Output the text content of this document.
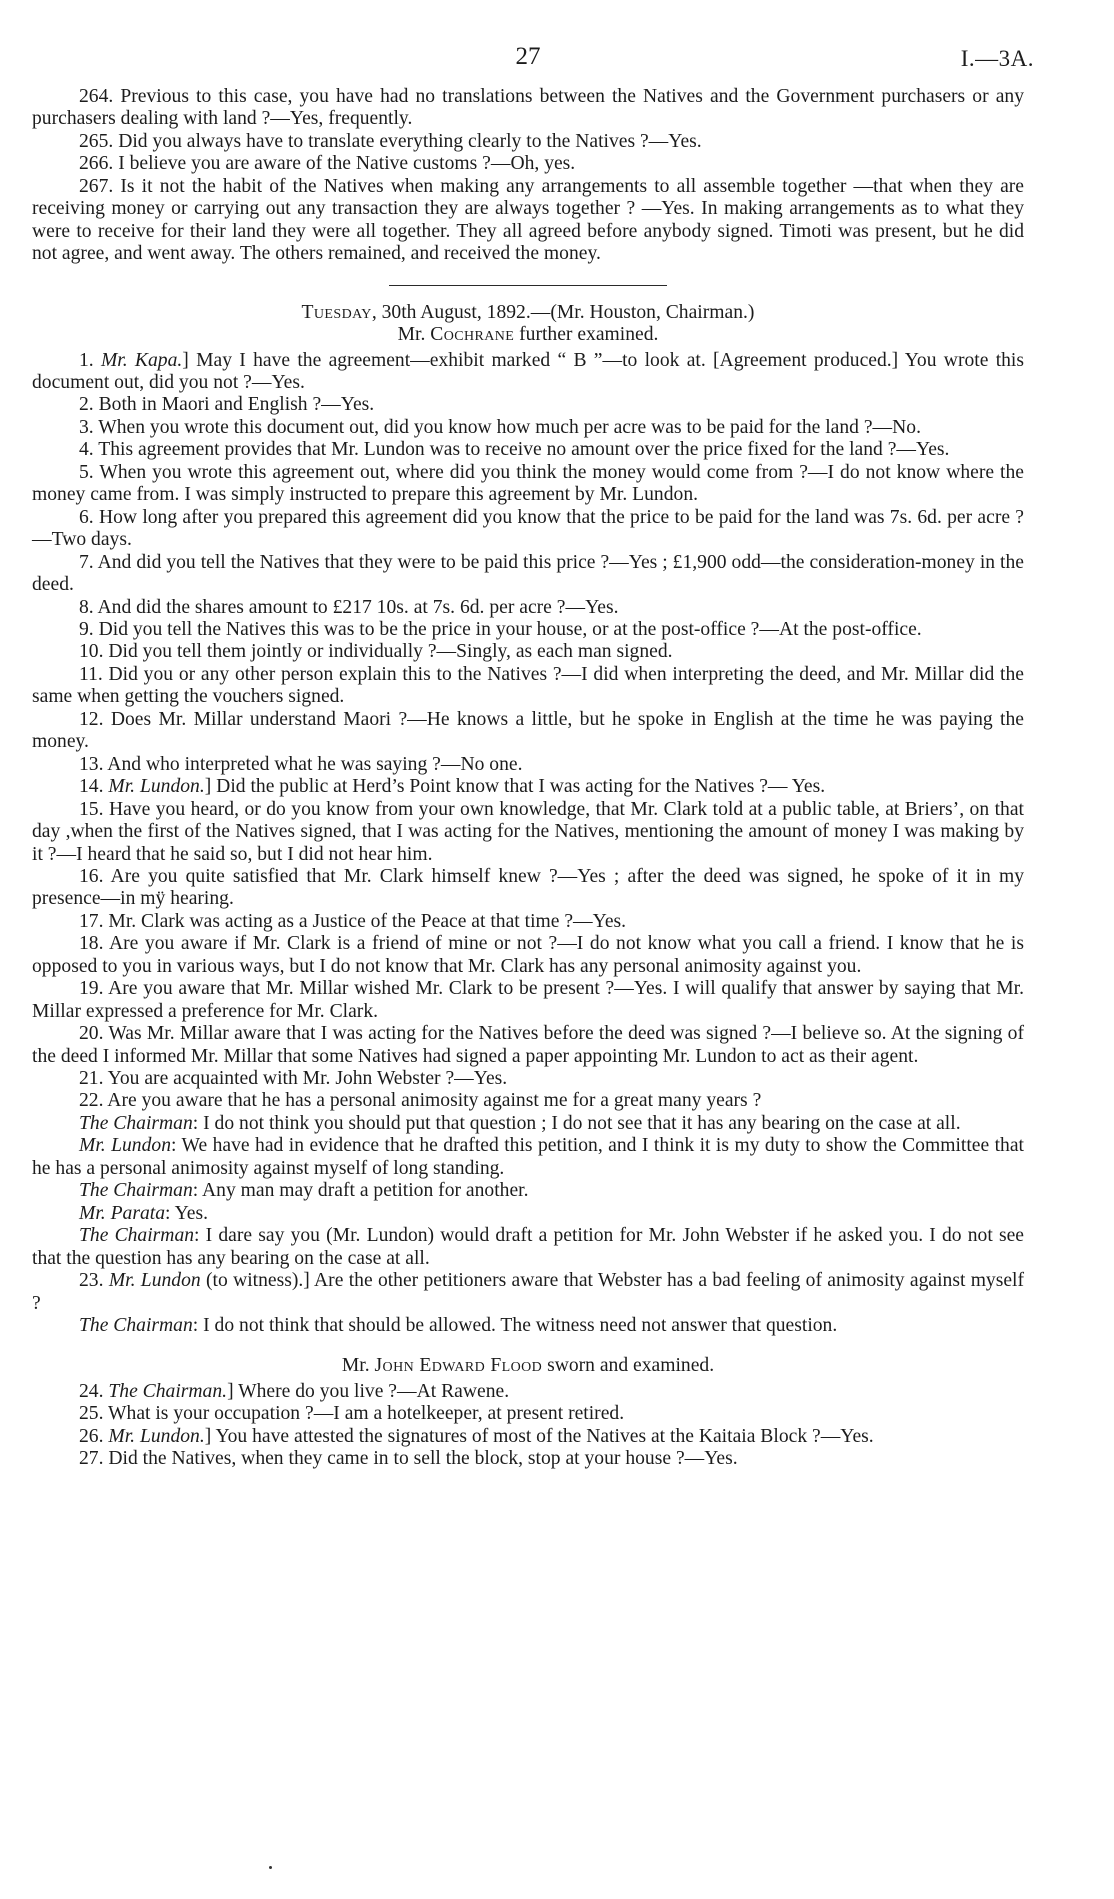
27	I.—3A.

264. Previous to this case, you have had no translations between the Natives and the Government purchasers or any purchasers dealing with land ?—Yes, frequently.

265. Did you always have to translate everything clearly to the Natives ?—Yes.

266. I believe you are aware of the Native customs ?—Oh, yes.

267. Is it not the habit of the Natives when making any arrangements to all assemble together —that when they are receiving money or carrying out any transaction they are always together ? —Yes. In making arrangements as to what they were to receive for their land they were all together. They all agreed before anybody signed. Timoti was present, but he did not agree, and went away. The others remained, and received the money.

Tuesday, 30th August, 1892.—(Mr. Houston, Chairman.)

Mr. Cochrane further examined.

1. Mr. Kapa.] May I have the agreement—exhibit marked “ B ”—to look at. [Agreement produced.] You wrote this document out, did you not ?—Yes.

2. Both in Maori and English ?—Yes.

3. When you wrote this document out, did you know how much per acre was to be paid for the land ?—No.

4. This agreement provides that Mr. Lundon was to receive no amount over the price fixed for the land ?—Yes.

5. When you wrote this agreement out, where did you think the money would come from ?—I do not know where the money came from. I was simply instructed to prepare this agreement by Mr. Lundon.

6. How long after you prepared this agreement did you know that the price to be paid for the land was 7s. 6d. per acre ?—Two days.

7. And did you tell the Natives that they were to be paid this price ?—Yes ; £1,900 odd—the consideration-money in the deed.

8. And did the shares amount to £217 10s. at 7s. 6d. per acre ?—Yes.

9. Did you tell the Natives this was to be the price in your house, or at the post-office ?—At the post-office.

10. Did you tell them jointly or individually ?—Singly, as each man signed.

11. Did you or any other person explain this to the Natives ?—I did when interpreting the deed, and Mr. Millar did the same when getting the vouchers signed.

12. Does Mr. Millar understand Maori ?—He knows a little, but he spoke in English at the time he was paying the money.

13. And who interpreted what he was saying ?—No one.

14. Mr. Lundon.] Did the public at Herd’s Point know that I was acting for the Natives ?— Yes.

15. Have you heard, or do you know from your own knowledge, that Mr. Clark told at a public table, at Briers’, on that day ,when the first of the Natives signed, that I was acting for the Natives, mentioning the amount of money I was making by it ?—I heard that he said so, but I did not hear him.

16. Are you quite satisfied that Mr. Clark himself knew ?—Yes ; after the deed was signed, he spoke of it in my presence—in mÿ hearing.

17. Mr. Clark was acting as a Justice of the Peace at that time ?—Yes.

18. Are you aware if Mr. Clark is a friend of mine or not ?—I do not know what you call a friend. I know that he is opposed to you in various ways, but I do not know that Mr. Clark has any personal animosity against you.

19. Are you aware that Mr. Millar wished Mr. Clark to be present ?—Yes. I will qualify that answer by saying that Mr. Millar expressed a preference for Mr. Clark.

20. Was Mr. Millar aware that I was acting for the Natives before the deed was signed ?—I believe so. At the signing of the deed I informed Mr. Millar that some Natives had signed a paper appointing Mr. Lundon to act as their agent.

21. You are acquainted with Mr. John Webster ?—Yes.

22. Are you aware that he has a personal animosity against me for a great many years ?

The Chairman: I do not think you should put that question ; I do not see that it has any bearing on the case at all.

Mr. Lundon: We have had in evidence that he drafted this petition, and I think it is my duty to show the Committee that he has a personal animosity against myself of long standing.

The Chairman: Any man may draft a petition for another.

Mr. Parata: Yes.

The Chairman: I dare say you (Mr. Lundon) would draft a petition for Mr. John Webster if he asked you. I do not see that the question has any bearing on the case at all.

23. Mr. Lundon (to witness).] Are the other petitioners aware that Webster has a bad feeling of animosity against myself ?

The Chairman: I do not think that should be allowed. The witness need not answer that question.

Mr. John Edward Flood sworn and examined.

24. The Chairman.] Where do you live ?—At Rawene.

25. What is your occupation ?—I am a hotelkeeper, at present retired.

26. Mr. Lundon.] You have attested the signatures of most of the Natives at the Kaitaia Block ?—Yes.

27. Did the Natives, when they came in to sell the block, stop at your house ?—Yes.
